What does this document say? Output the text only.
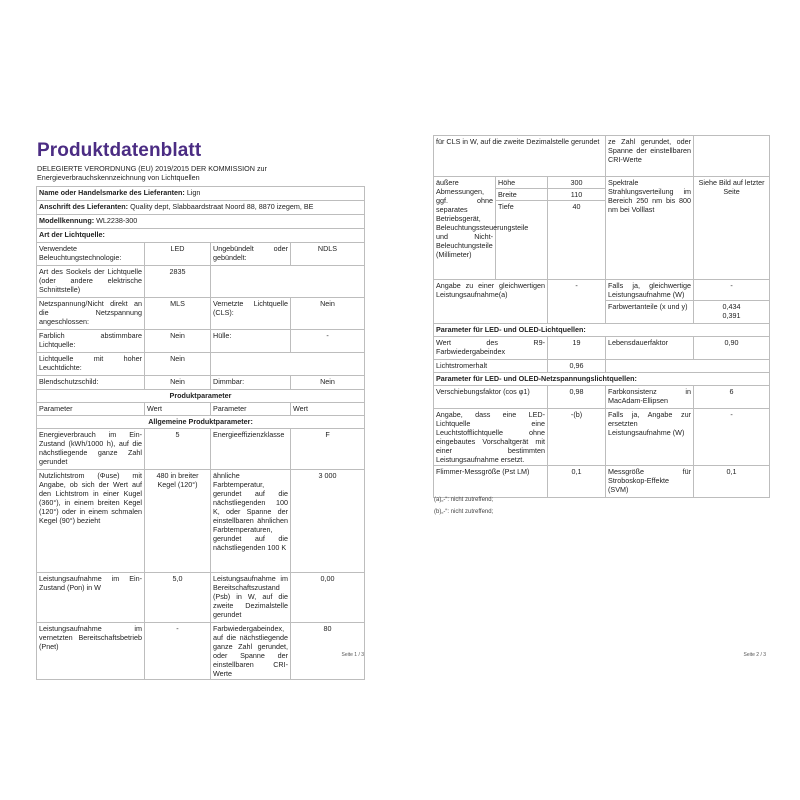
Produktdatenblatt
DELEGIERTE VERORDNUNG (EU) 2019/2015 DER KOMMISSION zur Energieverbrauchskennzeichnung von Lichtquellen
Name oder Handelsmarke des Lieferanten: Lign			
Anschrift des Lieferanten: Quality dept, Slabbaardstraat Noord 88, 8870 izegem, BE			
Modellkennung: WL2238-300			
Art der Lichtquelle:			
Verwendete Beleuchtungstechnologie:	LED	Ungebündelt oder gebündelt:	NDLS
Art des Sockels der Lichtquelle (oder andere elektrische Schnittstelle)	2835		
Netzspannung/Nicht direkt an die Netzspannung angeschlossen:	MLS	Vernetzte Lichtquelle (CLS):	Nein
Farblich abstimmbare Lichtquelle:	Nein	Hülle:	-
Lichtquelle mit hoher Leuchtdichte:	Nein		
Blendschutzschild:	Nein	Dimmbar:	Nein
Produktparameter			
Parameter	Wert	Parameter	Wert
Allgemeine Produktparameter:			
Energieverbrauch im Ein-Zustand (kWh/1000 h), auf die nächstliegende ganze Zahl gerundet	5	Energieeffizienzklasse	F
Nutzlichtstrom (Φuse) mit Angabe, ob sich der Wert auf den Lichtstrom in einer Kugel (360°), in einem breiten Kegel (120°) oder in einem schmalen Kegel (90°) bezieht	480 in breiter Kegel (120°)	ähnliche Farbtemperatur, gerundet auf die nächstliegenden 100 K, oder Spanne der einstellbaren ähnlichen Farbtemperaturen, gerundet auf die nächstliegenden 100 K	3 000
Leistungsaufnahme im Ein-Zustand (Pon) in W	5,0	Leistungsaufnahme im Bereitschaftszustand (Psb) in W, auf die zweite Dezimalstelle gerundet	0,00
Leistungsaufnahme im vernetzten Bereitschaftsbetrieb (Pnet)	-	Farbwiedergabeindex, auf die nächstliegende ganze Zahl gerundet, oder Spanne der einstellbaren CRI-Werte	80
Seite 1 / 3
für CLS in W, auf die zweite Dezimalstelle gerundet			ze Zahl gerundet, oder Spanne der einstellbaren CRI-Werte	
äußere Abmessungen, ggf. ohne separates Betriebsgerät, Beleuchtungssteuerungsteile und Nicht-Beleuchtungsteile (Millimeter)	Höhe	300	Spektrale Strahlungsverteilung im Bereich 250 nm bis 800 nm bei Volllast	Siehe Bild auf letzter Seite
	Breite	110		
	Tiefe	40		
Angabe zu einer gleichwertigen Leistungsaufnahme(a)		-	Falls ja, gleichwertige Leistungsaufnahme (W)	-
			Farbwertanteile (x und y)	0,434
0,391

Parameter für LED- und OLED-Lichtquellen:				
Wert des R9-Farbwiedergabeindex		19	Lebensdauerfaktor	0,90
Lichtstromerhalt		0,96		
Parameter für LED- und OLED-Netzspannungslichtquellen:				
Verschiebungsfaktor (cos φ1)		0,98	Farbkonsistenz in MacAdam-Ellipsen	6
Angabe, dass eine LED-Lichtquelle eine Leuchtstofflichtquelle ohne eingebautes Vorschaltgerät mit einer bestimmten Leistungsaufnahme ersetzt.		-(b)	Falls ja, Angabe zur ersetzten Leistungsaufnahme (W)	-
Flimmer-Messgröße (Pst LM)		0,1	Messgröße für Stroboskop-Effekte (SVM)	0,1
(a)„-“: nicht zutreffend;
(b)„-“: nicht zutreffend;
Seite 2 / 3
